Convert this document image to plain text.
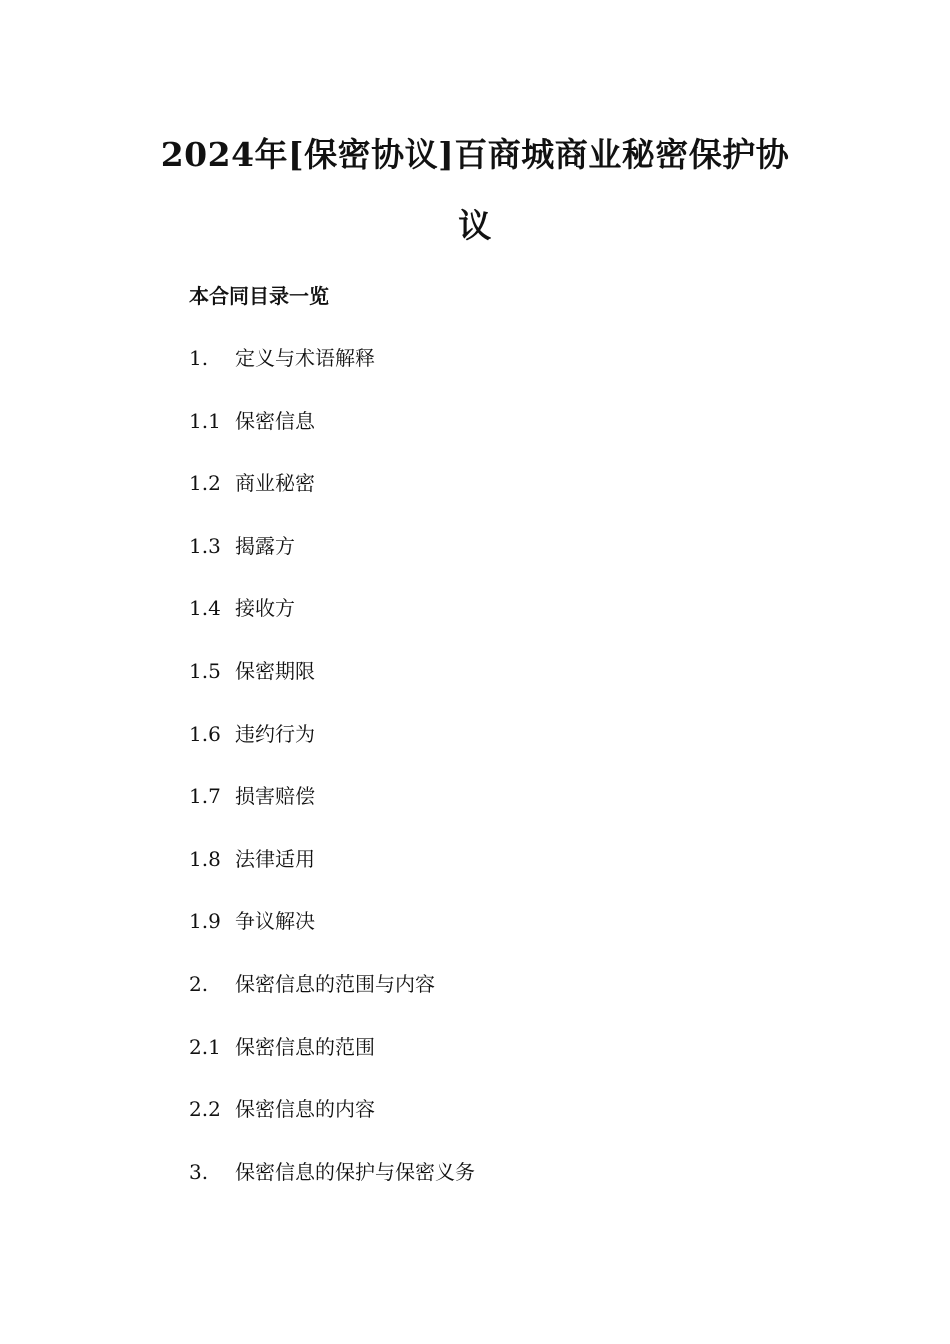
2024年[保密协议]百商城商业秘密保护协
议
本合同目录一览
1. 定义与术语解释
1.1 保密信息
1.2 商业秘密
1.3 揭露方
1.4 接收方
1.5 保密期限
1.6 违约行为
1.7 损害赔偿
1.8 法律适用
1.9 争议解决
2. 保密信息的范围与内容
2.1 保密信息的范围
2.2 保密信息的内容
3. 保密信息的保护与保密义务
